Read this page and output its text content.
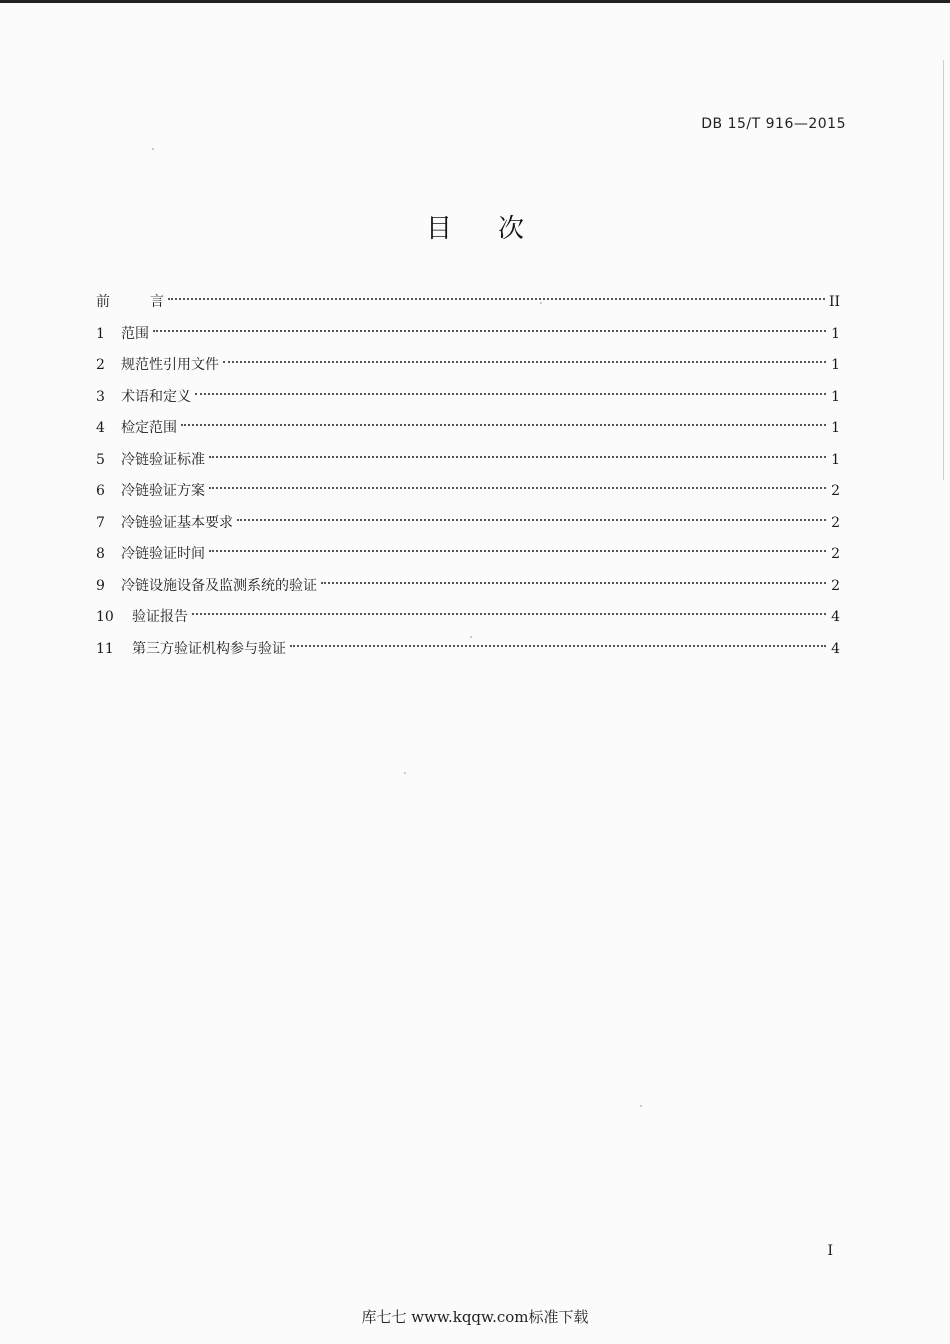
DB 15/T 916—2015
目次
前言	II
1	范围	1
2	规范性引用文件	1
3	术语和定义	1
4	检定范围	1
5	冷链验证标准	1
6	冷链验证方案	2
7	冷链验证基本要求	2
8	冷链验证时间	2
9	冷链设施设备及监测系统的验证	2
10	验证报告	4
11	第三方验证机构参与验证	4
I
库七七 www.kqqw.com标准下载
